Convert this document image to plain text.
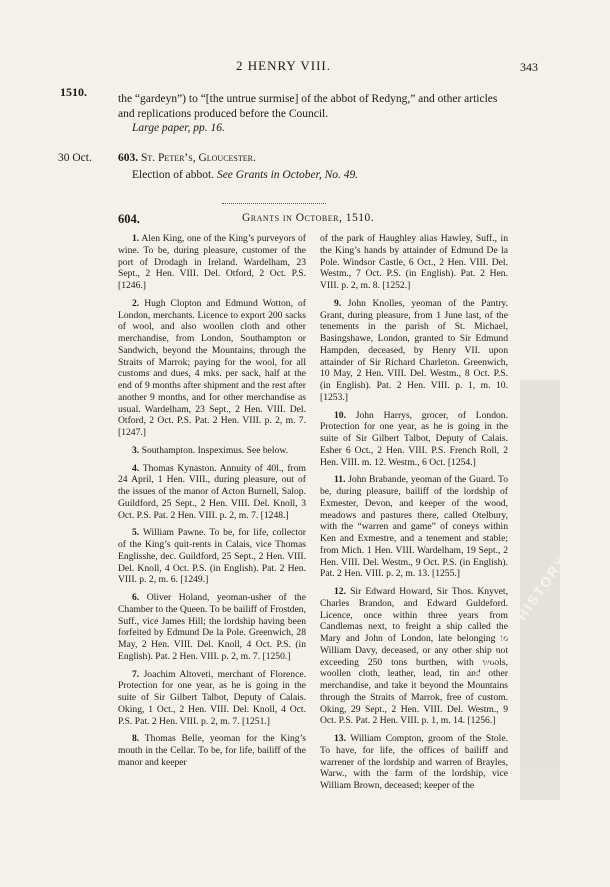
2 HENRY VIII.	343
1510.	the “gardeyn”) to “[the untrue surmise] of the abbot of Redyng,” and other articles and replications produced before the Council.
Large paper, pp. 16.
30 Oct. 603. St. Peter’s, Gloucester.
Election of abbot. See Grants in October, No. 49.
604.	Grants in October, 1510.

1. Alen King, one of the King’s purveyors of wine. To be, during pleasure, customer of the port of Drodagh in Ireland. Wardelham, 23 Sept., 2 Hen. VIII. Del. Otford, 2 Oct. P.S. [1246.]

2. Hugh Clopton and Edmund Wotton, of London, merchants. Licence to export 200 sacks of wool, and also woollen cloth and other merchandise, from London, Southampton or Sandwich, beyond the Mountains, through the Straits of Marrok; paying for the wool, for all customs and dues, 4 mks. per sack, half at the end of 9 months after shipment and the rest after another 9 months, and for other merchandise as usual. Wardelham, 23 Sept., 2 Hen. VIII. Del. Otford, 2 Oct. P.S. Pat. 2 Hen. VIII. p. 2, m. 7. [1247.]

3. Southampton. Inspeximus. See below.

4. Thomas Kynaston. Annuity of 40l., from 24 April, 1 Hen. VIII., during pleasure, out of the issues of the manor of Acton Burnell, Salop. Guildford, 25 Sept., 2 Hen. VIII. Del. Knoll, 3 Oct. P.S. Pat. 2 Hen. VIII. p. 2, m. 7. [1248.]

5. William Pawne. To be, for life, collector of the King’s quit-rents in Calais, vice Thomas Englisshe, dec. Guildford, 25 Sept., 2 Hen. VIII. Del. Knoll, 4 Oct. P.S. (in English). Pat. 2 Hen. VIII. p. 2, m. 6. [1249.]

6. Oliver Holand, yeoman-usher of the Chamber to the Queen. To be bailiff of Frostden, Suff., vice James Hill; the lordship having been forfeited by Edmund De la Pole. Greenwich, 28 May, 2 Hen. VIII. Del. Knoll, 4 Oct. P.S. (in English). Pat. 2 Hen. VIII. p. 2, m. 7. [1250.]

7. Joachim Altoveti, merchant of Florence. Protection for one year, as he is going in the suite of Sir Gilbert Talbot, Deputy of Calais. Oking, 1 Oct., 2 Hen. VIII. Del. Knoll, 4 Oct. P.S. Pat. 2 Hen. VIII. p. 2, m. 7. [1251.]

8. Thomas Belle, yeoman for the King’s mouth in the Cellar. To be, for life, bailiff of the manor and keeper

of the park of Haughley alias Hawley, Suff., in the King’s hands by attainder of Edmund De la Pole. Windsor Castle, 6 Oct., 2 Hen. VIII. Del. Westm., 7 Oct. P.S. (in English). Pat. 2 Hen. VIII. p. 2, m. 8. [1252.]

9. John Knolles, yeoman of the Pantry. Grant, during pleasure, from 1 June last, of the tenements in the parish of St. Michael, Basingshawe, London, granted to Sir Edmund Hampden, deceased, by Henry VII. upon attainder of Sir Richard Charleton. Greenwich, 10 May, 2 Hen. VIII. Del. Westm., 8 Oct. P.S. (in English). Pat. 2 Hen. VIII. p. 1, m. 10. [1253.]

10. John Harrys, grocer, of London. Protection for one year, as he is going in the suite of Sir Gilbert Talbot, Deputy of Calais. Esher 6 Oct., 2 Hen. VIII. P.S. French Roll, 2 Hen. VIII. m. 12. Westm., 6 Oct. [1254.]

11. John Brabande, yeoman of the Guard. To be, during pleasure, bailiff of the lordship of Exmester, Devon, and keeper of the wood, meadows and pastures there, called Otelbury, with the “warren and game” of coneys within Ken and Exmestre, and a tenement and stable; from Mich. 1 Hen. VIII. Wardelham, 19 Sept., 2 Hen. VIII. Del. Westm., 9 Oct. P.S. (in English). Pat. 2 Hen. VIII. p. 2, m. 13. [1255.]

12. Sir Edward Howard, Sir Thos. Knyvet, Charles Brandon, and Edward Guldeford. Licence, once within three years from Candlemas next, to freight a ship called the Mary and John of London, late belonging to William Davy, deceased, or any other ship not exceeding 250 tons burthen, with wools, woollen cloth, leather, lead, tin and other merchandise, and take it beyond the Mountains through the Straits of Marrok, free of custom. Oking, 29 Sept., 2 Hen. VIII. Del. Westm., 9 Oct. P.S. Pat. 2 Hen. VIII. p. 1, m. 14. [1256.]

13. William Compton, groom of the Stole. To have, for life, the offices of bailiff and warrener of the lordship and warren of Brayles, Warw., with the farm of the lordship, vice William Brown, deceased; keeper of the

BRITISH HISTORY ONLINE
